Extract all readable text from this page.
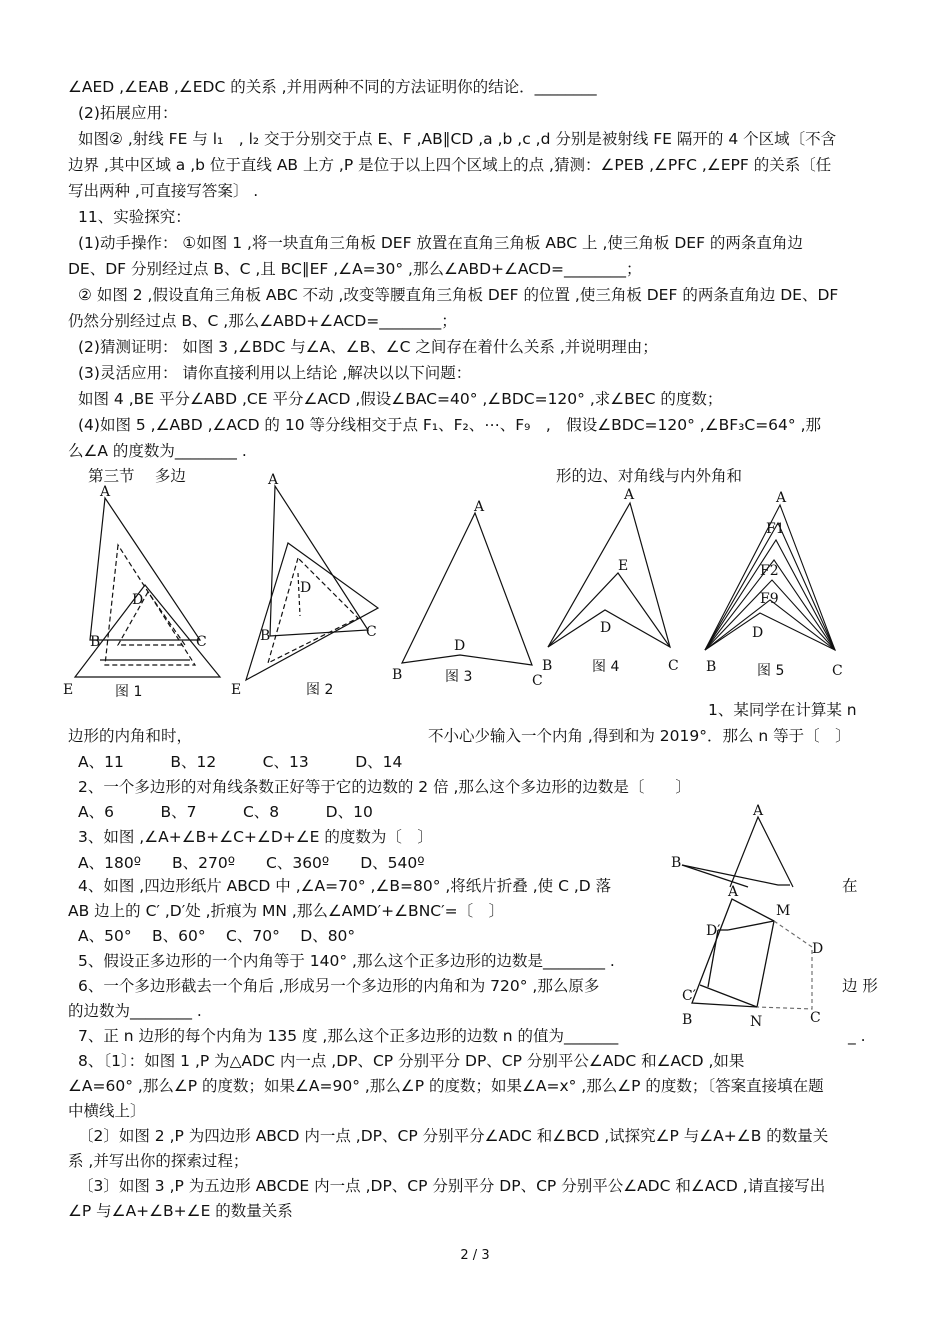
∠AED ,∠EAB ,∠EDC 的关系 ,并用两种不同的方法证明你的结论．________
(2)拓展应用：
如图② ,射线 FE 与 l₁　, l₂ 交于分别交于点 E、F ,AB∥CD ,a ,b ,c ,d 分别是被射线 FE 隔开的 4 个区域〔不含
边界 ,其中区域 a ,b 位于直线 AB 上方 ,P 是位于以上四个区域上的点 ,猜测：∠PEB ,∠PFC ,∠EPF 的关系〔任
写出两种 ,可直接写答案〕 .
11、实验探究：
(1)动手操作： ①如图 1 ,将一块直角三角板 DEF 放置在直角三角板 ABC 上 ,使三角板 DEF 的两条直角边
DE、DF 分别经过点 B、C ,且 BC∥EF ,∠A=30° ,那么∠ABD+∠ACD=________；
② 如图 2 ,假设直角三角板 ABC 不动 ,改变等腰直角三角板 DEF 的位置 ,使三角板 DEF 的两条直角边 DE、DF
仍然分别经过点 B、C ,那么∠ABD+∠ACD=________；
(2)猜测证明： 如图 3 ,∠BDC 与∠A、∠B、∠C 之间存在着什么关系 ,并说明理由；
(3)灵活应用： 请你直接利用以上结论 ,解决以以下问题：
如图 4 ,BE 平分∠ABD ,CE 平分∠ACD ,假设∠BAC=40° ,∠BDC=120° ,求∠BEC 的度数；
(4)如图 5 ,∠ABD ,∠ACD 的 10 等分线相交于点 F₁、F₂、⋯、F₉　,　假设∠BDC=120° ,∠BF₃C=64° ,那
么∠A 的度数为________ .
第三节　 多边	形的边、对角线与内外角和
A
B	C
D
E	图 1
A
B	C
D
E	图 2
A
B	C
D
图 3
A
B	C
D
E
图 4
A
F1
F2
F9
D
B	C
图 5
1、某同学在计算某 n
边形的内角和时，	不小心少输入一个内角 ,得到和为 2019°．那么 n 等于〔　〕
A、11　　　B、12　　　C、13　　　D、14
2、一个多边形的对角线条数正好等于它的边数的 2 倍 ,那么这个多边形的边数是〔　　〕
A、6　　　B、7　　　C、8　　　D、10
3、如图 ,∠A+∠B+∠C+∠D+∠E 的度数为〔　〕
A、180º　　B、270º　　C、360º　　D、540º
A
B
4、如图 ,四边形纸片 ABCD 中 ,∠A=70° ,∠B=80° ,将纸片折叠 ,使 C ,D 落	在
AB 边上的 C′ ,D′处 ,折痕为 MN ,那么∠AMD′+∠BNC′=〔　〕
A、50°　 B、60°　 C、70°　 D、80°
A
D′
M
D
C′
B	N	C
5、假设正多边形的一个内角等于 140° ,那么这个正多边形的边数是________ .
6、一个多边形截去一个角后 ,形成另一个多边形的内角和为 720° ,那么原多	边 形
的边数为________ .
7、正 n 边形的每个内角为 135 度 ,那么这个正多边形的边数 n 的值为_______	_ .
8、〔1〕：如图 1 ,P 为△ADC 内一点 ,DP、CP 分别平分 DP、CP 分别平公∠ADC 和∠ACD ,如果
∠A=60° ,那么∠P 的度数；如果∠A=90° ,那么∠P 的度数；如果∠A=x° ,那么∠P 的度数；〔答案直接填在题
中横线上〕
〔2〕如图 2 ,P 为四边形 ABCD 内一点 ,DP、CP 分别平分∠ADC 和∠BCD ,试探究∠P 与∠A+∠B 的数量关
系 ,并写出你的探索过程；
〔3〕如图 3 ,P 为五边形 ABCDE 内一点 ,DP、CP 分别平分 DP、CP 分别平公∠ADC 和∠ACD ,请直接写出
∠P 与∠A+∠B+∠E 的数量关系
2 / 3
